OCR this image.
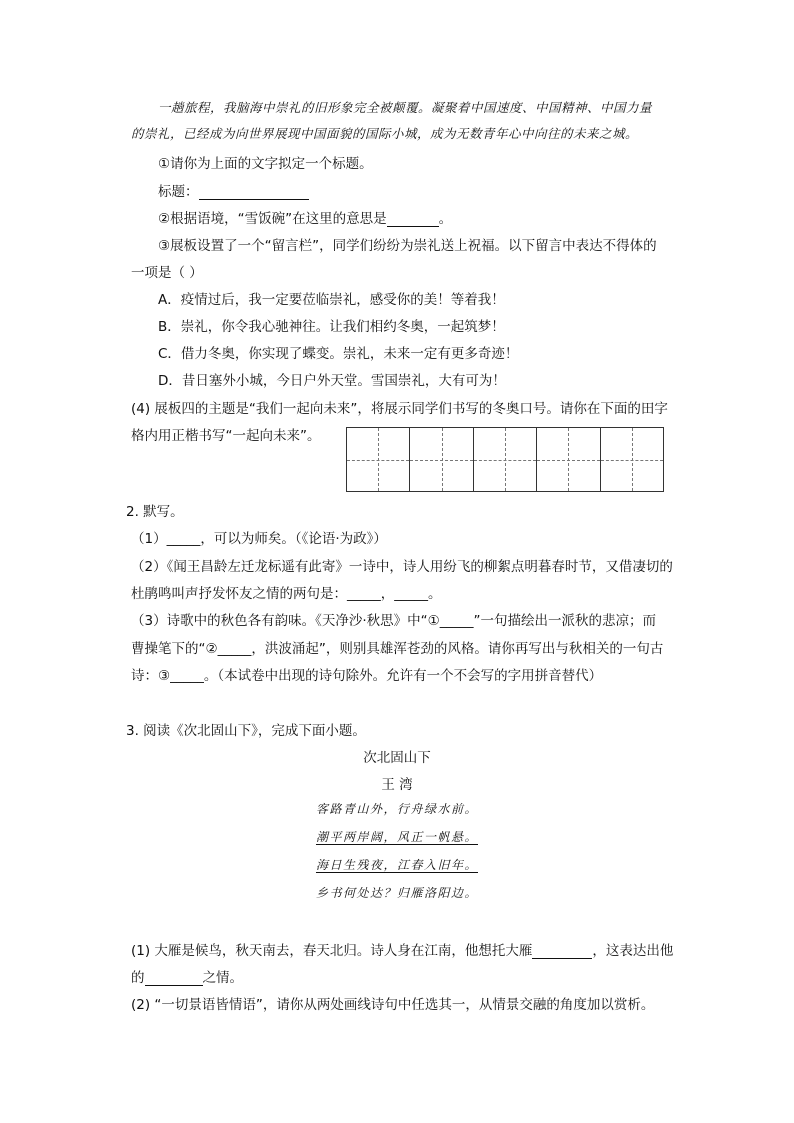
一趟旅程，我脑海中崇礼的旧形象完全被颠覆。凝聚着中国速度、中国精神、中国力量
的崇礼，已经成为向世界展现中国面貌的国际小城，成为无数青年心中向往的未来之城。
①请你为上面的文字拟定一个标题。
标题：
②根据语境，“雪饭碗”在这里的意思是	。
③展板设置了一个“留言栏”，同学们纷纷为崇礼送上祝福。以下留言中表达不得体的
一项是（ ）
A．疫情过后，我一定要莅临崇礼，感受你的美！等着我！
B．崇礼，你令我心驰神往。让我们相约冬奥，一起筑梦！
C．借力冬奥，你实现了蝶变。崇礼，未来一定有更多奇迹！
D．昔日塞外小城，今日户外天堂。雪国崇礼，大有可为！
(4) 展板四的主题是“我们一起向未来”，将展示同学们书写的冬奥口号。请你在下面的田字
格内用正楷书写“一起向未来”。
2. 默写。
（1）_____，可以为师矣。（《论语·为政》）
（2）《闻王昌龄左迁龙标遥有此寄》一诗中，诗人用纷飞的柳絮点明暮春时节，又借凄切的
杜鹃鸣叫声抒发怀友之情的两句是：_____，_____。
（3）诗歌中的秋色各有韵味。《天净沙·秋思》中“①_____”一句描绘出一派秋的悲凉；而
曹操笔下的“②_____，洪波涌起”，则别具雄浑苍劲的风格。请你再写出与秋相关的一句古
诗：③_____。（本试卷中出现的诗句除外。允许有一个不会写的字用拼音替代）
3. 阅读《次北固山下》，完成下面小题。
次北固山下
王 湾
客路青山外，行舟绿水前。
潮平两岸阔，风正一帆悬。
海日生残夜，江春入旧年。
乡书何处达？归雁洛阳边。
(1) 大雁是候鸟，秋天南去，春天北归。诗人身在江南，他想托大雁	，这表达出他
的	之情。
(2) “一切景语皆情语”，请你从两处画线诗句中任选其一，从情景交融的角度加以赏析。
